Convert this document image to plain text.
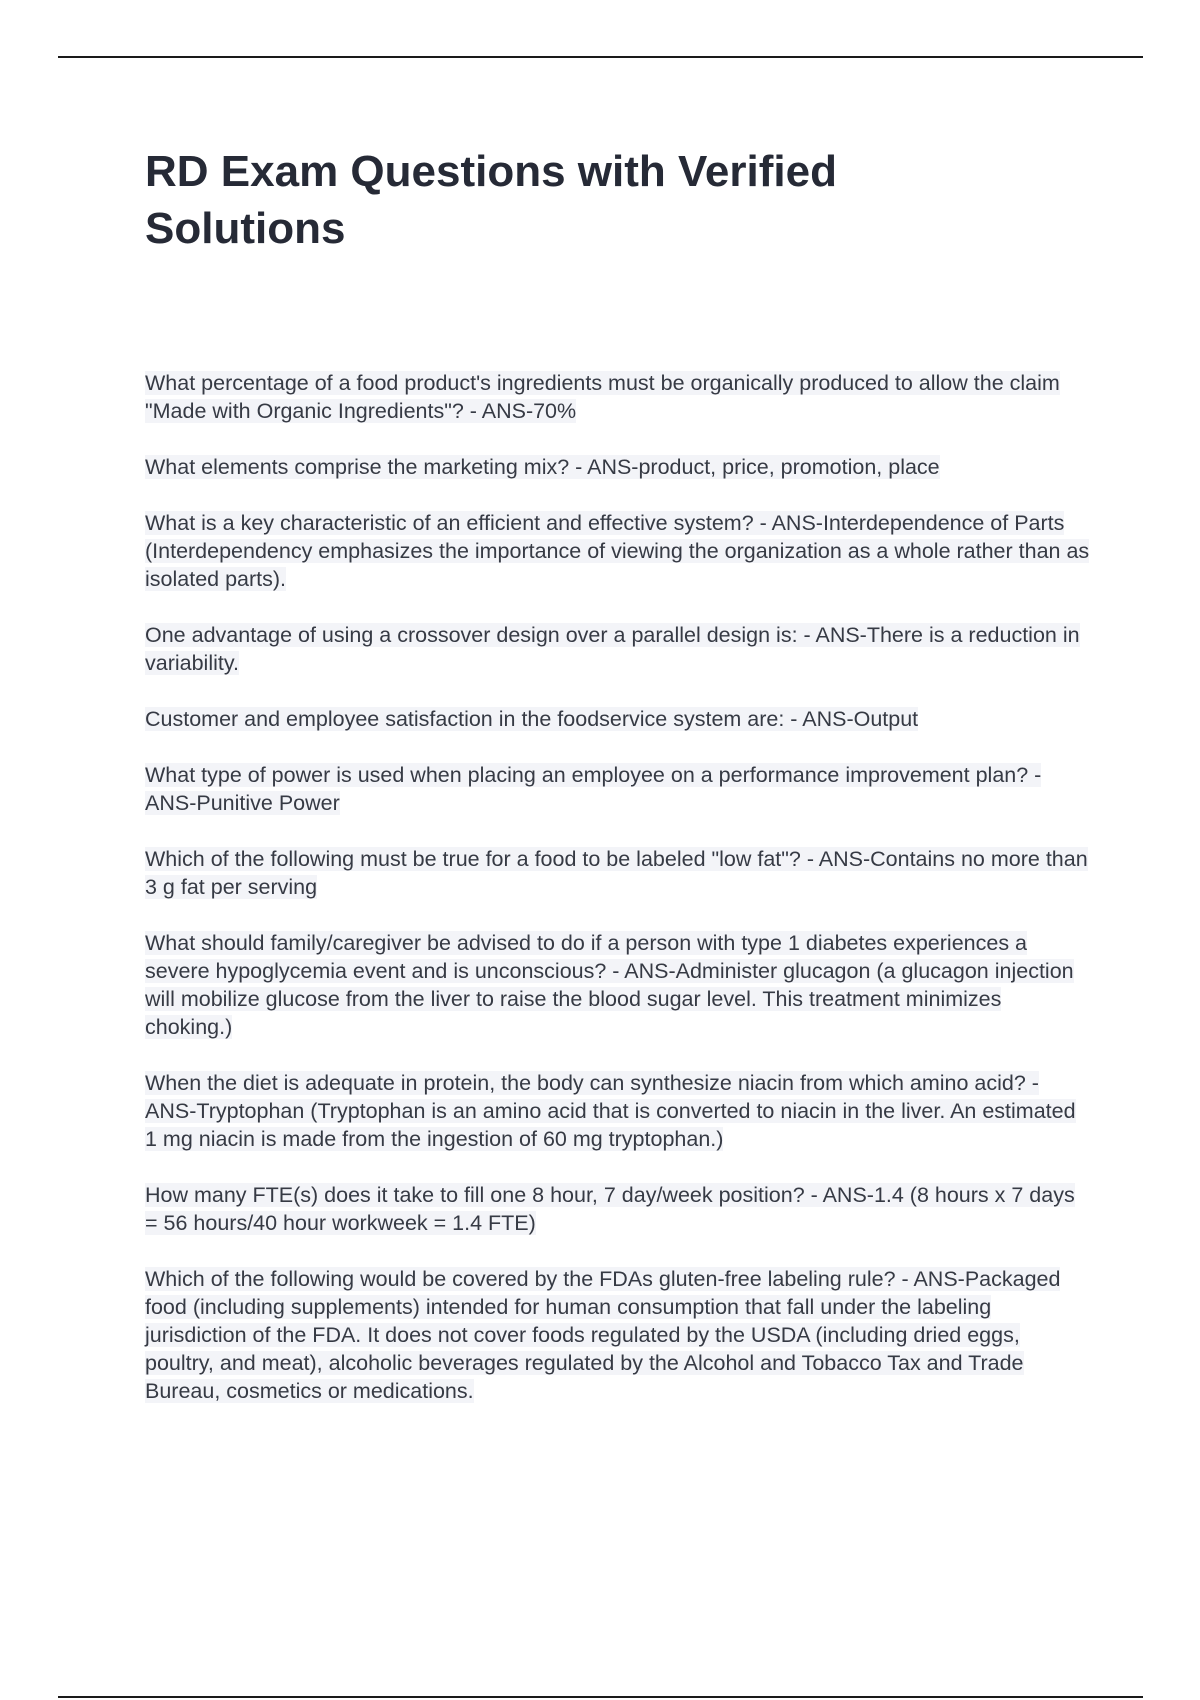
RD Exam Questions with Verified Solutions
What percentage of a food product's ingredients must be organically produced to allow the claim "Made with Organic Ingredients"? - ANS-70%
What elements comprise the marketing mix? - ANS-product, price, promotion, place
What is a key characteristic of an efficient and effective system? - ANS-Interdependence of Parts (Interdependency emphasizes the importance of viewing the organization as a whole rather than as isolated parts).
One advantage of using a crossover design over a parallel design is: - ANS-There is a reduction in variability.
Customer and employee satisfaction in the foodservice system are: - ANS-Output
What type of power is used when placing an employee on a performance improvement plan? - ANS-Punitive Power
Which of the following must be true for a food to be labeled "low fat"? - ANS-Contains no more than 3 g fat per serving
What should family/caregiver be advised to do if a person with type 1 diabetes experiences a severe hypoglycemia event and is unconscious? - ANS-Administer glucagon (a glucagon injection will mobilize glucose from the liver to raise the blood sugar level. This treatment minimizes choking.)
When the diet is adequate in protein, the body can synthesize niacin from which amino acid? - ANS-Tryptophan (Tryptophan is an amino acid that is converted to niacin in the liver. An estimated 1 mg niacin is made from the ingestion of 60 mg tryptophan.)
How many FTE(s) does it take to fill one 8 hour, 7 day/week position? - ANS-1.4 (8 hours x 7 days = 56 hours/40 hour workweek = 1.4 FTE)
Which of the following would be covered by the FDAs gluten-free labeling rule? - ANS-Packaged food (including supplements) intended for human consumption that fall under the labeling jurisdiction of the FDA. It does not cover foods regulated by the USDA (including dried eggs, poultry, and meat), alcoholic beverages regulated by the Alcohol and Tobacco Tax and Trade Bureau, cosmetics or medications.
